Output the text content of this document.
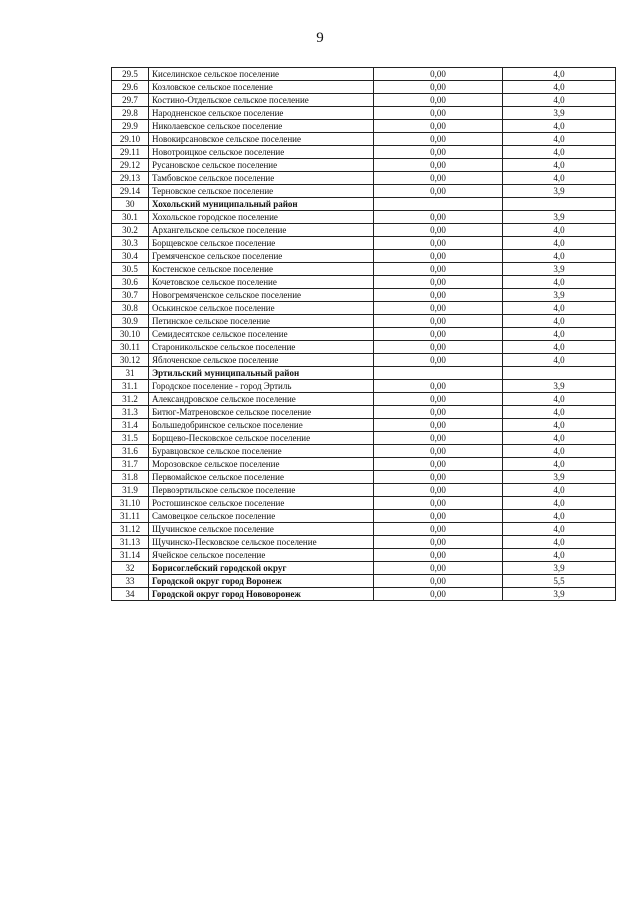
9
29.5	Киселинское сельское поселение	0,00	4,0
29.6	Козловское сельское поселение	0,00	4,0
29.7	Костино-Отдельское сельское поселение	0,00	4,0
29.8	Народненское сельское поселение	0,00	3,9
29.9	Николаевское сельское поселение	0,00	4,0
29.10	Новокирсановское сельское поселение	0,00	4,0
29.11	Новотроицкое сельское поселение	0,00	4,0
29.12	Русановское сельское поселение	0,00	4,0
29.13	Тамбовское сельское поселение	0,00	4,0
29.14	Терновское сельское поселение	0,00	3,9
30	Хохольский муниципальный район		
30.1	Хохольское городское поселение	0,00	3,9
30.2	Архангельское сельское поселение	0,00	4,0
30.3	Борщевское сельское поселение	0,00	4,0
30.4	Гремяченское сельское поселение	0,00	4,0
30.5	Костенское сельское поселение	0,00	3,9
30.6	Кочетовское сельское поселение	0,00	4,0
30.7	Новогремяченское сельское поселение	0,00	3,9
30.8	Оськинское сельское поселение	0,00	4,0
30.9	Петинское сельское поселение	0,00	4,0
30.10	Семидесятское сельское поселение	0,00	4,0
30.11	Староникольское сельское поселение	0,00	4,0
30.12	Яблоченское сельское поселение	0,00	4,0
31	Эртильский муниципальный район		
31.1	Городское поселение - город Эртиль	0,00	3,9
31.2	Александровское сельское поселение	0,00	4,0
31.3	Битюг-Матреновское сельское поселение	0,00	4,0
31.4	Большедобринское сельское поселение	0,00	4,0
31.5	Борщево-Песковское сельское поселение	0,00	4,0
31.6	Буравцовское сельское поселение	0,00	4,0
31.7	Морозовское сельское поселение	0,00	4,0
31.8	Первомайское сельское поселение	0,00	3,9
31.9	Первоэртильское сельское поселение	0,00	4,0
31.10	Ростошинское сельское поселение	0,00	4,0
31.11	Самовецкое сельское поселение	0,00	4,0
31.12	Щучинское сельское поселение	0,00	4,0
31.13	Щучинско-Песковское сельское поселение	0,00	4,0
31.14	Ячейское сельское поселение	0,00	4,0
32	Борисоглебский городской округ	0,00	3,9
33	Городской округ город Воронеж	0,00	5,5
34	Городской округ город Нововоронеж	0,00	3,9
